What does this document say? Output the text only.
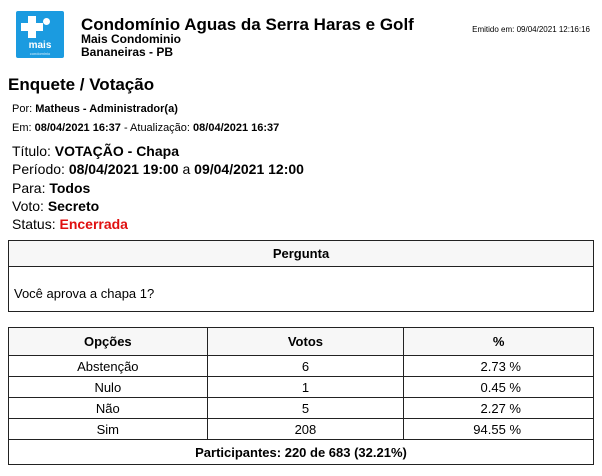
mais
condominio
Condomínio Aguas da Serra Haras e Golf
Mais Condominio
Bananeiras - PB
Emitido em: 09/04/2021 12:16:16
Enquete / Votação
Por: Matheus - Administrador(a)
Em: 08/04/2021 16:37 - Atualização: 08/04/2021 16:37
Título: VOTAÇÃO - Chapa
Período: 08/04/2021 19:00 a 09/04/2021 12:00
Para: Todos
Voto: Secreto
Status: Encerrada
Pergunta
Você aprova a chapa 1?
Opções	Votos	%
Abstenção	6	2.73 %
Nulo	1	0.45 %
Não	5	2.27 %
Sim	208	94.55 %
Participantes: 220 de 683 (32.21%)		
